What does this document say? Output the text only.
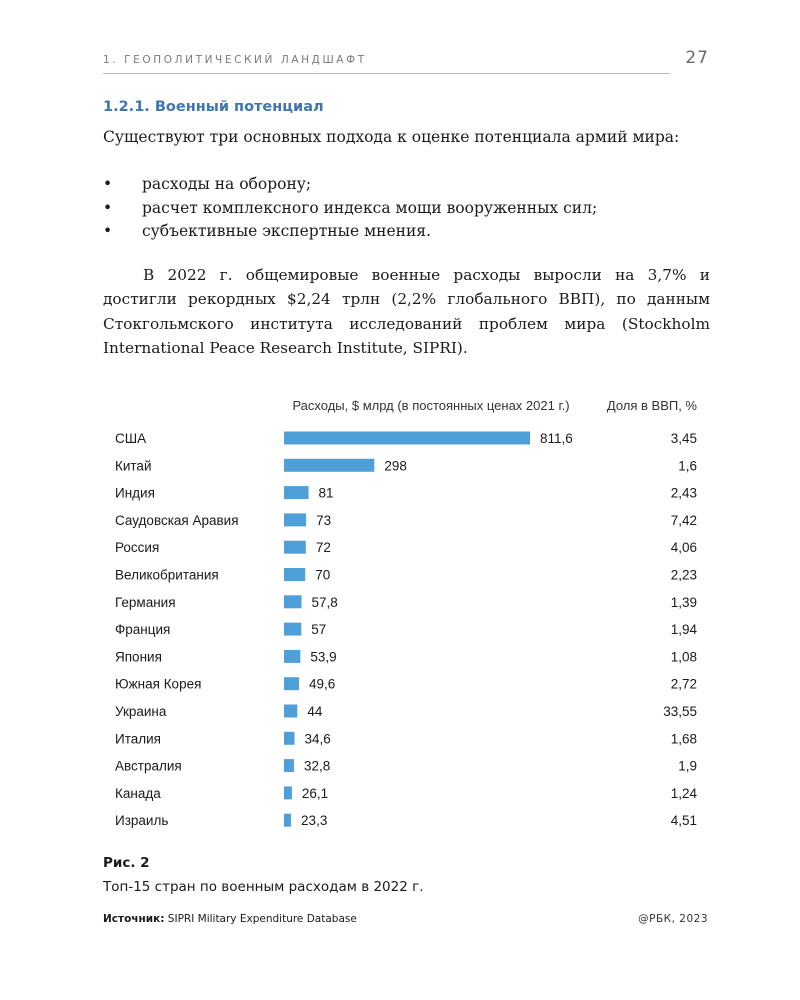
1. ГЕОПОЛИТИЧЕСКИЙ ЛАНДШАФТ	27
1.2.1. Военный потенциал
Существуют три основных подхода к оценке потенциала армий мира:
• расходы на оборону;
• расчет комплексного индекса мощи вооруженных сил;
• субъективные экспертные мнения.
В 2022 г. общемировые военные расходы выросли на 3,7% и достигли рекордных $2,24 трлн (2,2% глобального ВВП), по данным Стокгольмского института исследований проблем мира (Stockholm International Peace Research Institute, SIPRI).
Расходы, $ млрд (в постоянных ценах 2021 г.)	Доля в ВВП, %
США	811,6	3,45
Китай	298	1,6
Индия	81	2,43
Саудовская Аравия	73	7,42
Россия	72	4,06
Великобритания	70	2,23
Германия	57,8	1,39
Франция	57	1,94
Япония	53,9	1,08
Южная Корея	49,6	2,72
Украина	44	33,55
Италия	34,6	1,68
Австралия	32,8	1,9
Канада	26,1	1,24
Израиль	23,3	4,51
Рис. 2
Топ-15 стран по военным расходам в 2022 г.
Источник: SIPRI Military Expenditure Database	@РБК, 2023
